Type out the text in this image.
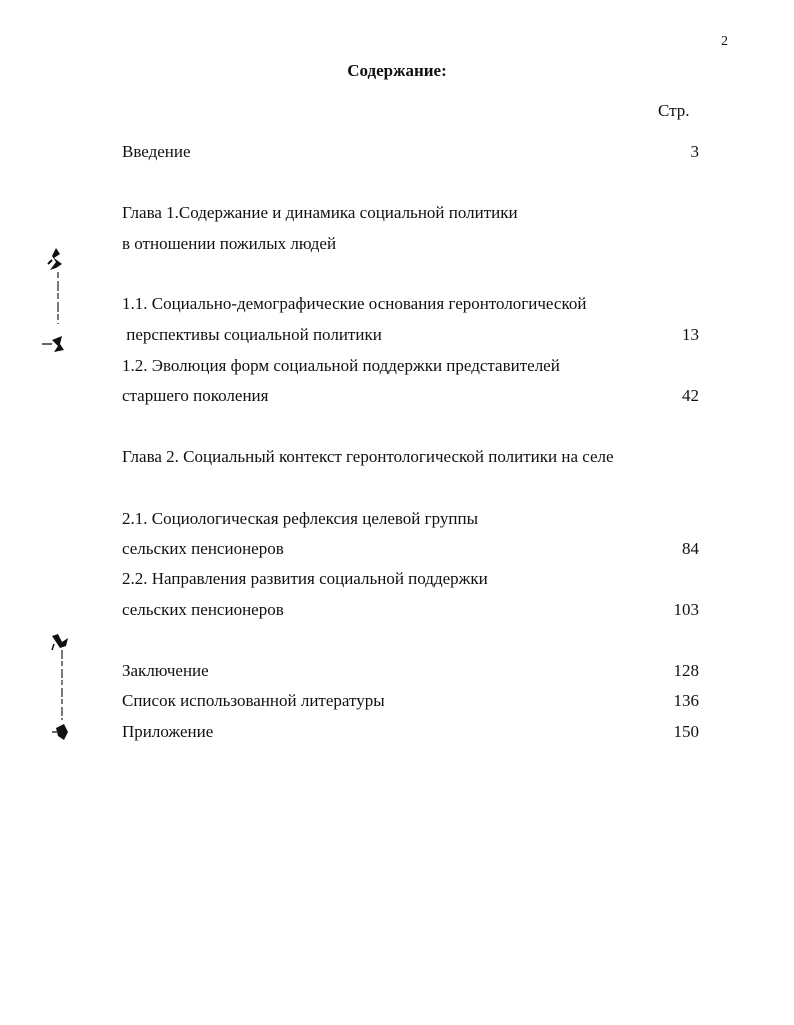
2
Содержание:
Стр.
Введение	3
Глава 1.Содержание и динамика социальной политики
в отношении пожилых людей
1.1. Социально-демографические основания геронтологической
перспективы социальной политики	13
1.2. Эволюция форм социальной поддержки представителей
старшего поколения	42
Глава 2. Социальный контекст геронтологической политики на селе
2.1. Социологическая рефлексия целевой группы
сельских пенсионеров	84
2.2. Направления развития социальной поддержки
сельских пенсионеров	103
Заключение	128
Список использованной литературы	136
Приложение	150
